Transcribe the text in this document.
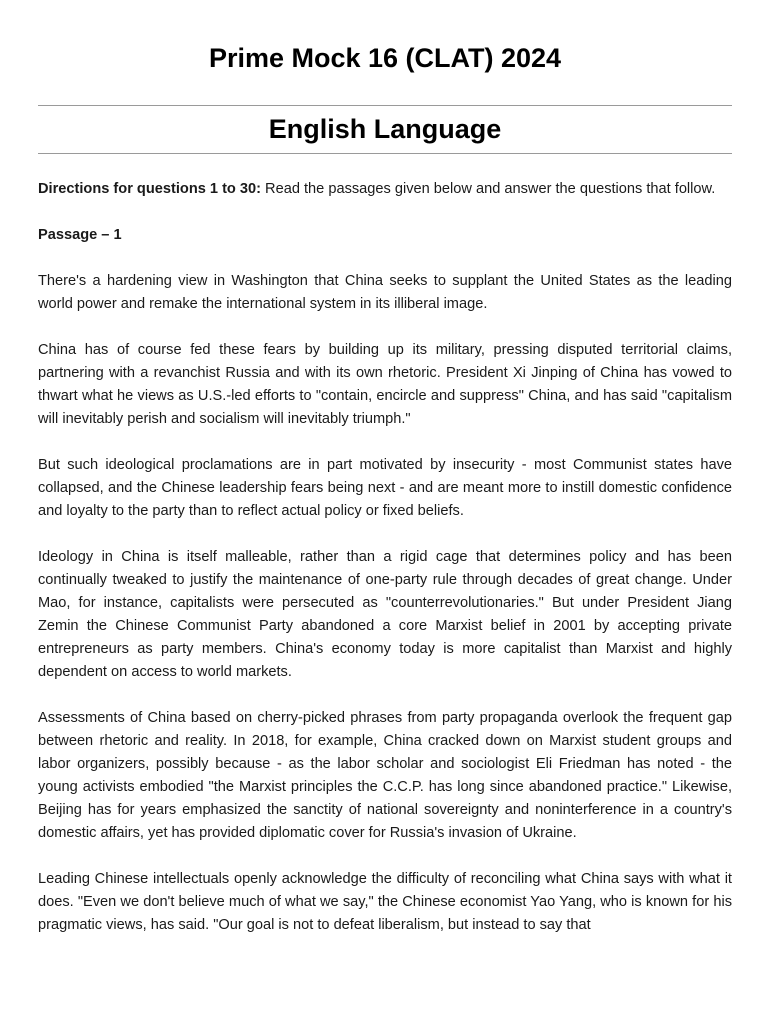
Prime Mock 16 (CLAT) 2024
English Language

Directions for questions 1 to 30: Read the passages given below and answer the questions that follow.

Passage – 1

There's a hardening view in Washington that China seeks to supplant the United States as the leading world power and remake the international system in its illiberal image.

China has of course fed these fears by building up its military, pressing disputed territorial claims, partnering with a revanchist Russia and with its own rhetoric. President Xi Jinping of China has vowed to thwart what he views as U.S.-led efforts to "contain, encircle and suppress" China, and has said "capitalism will inevitably perish and socialism will inevitably triumph."

But such ideological proclamations are in part motivated by insecurity - most Communist states have collapsed, and the Chinese leadership fears being next - and are meant more to instill domestic confidence and loyalty to the party than to reflect actual policy or fixed beliefs.

Ideology in China is itself malleable, rather than a rigid cage that determines policy and has been continually tweaked to justify the maintenance of one-party rule through decades of great change. Under Mao, for instance, capitalists were persecuted as "counterrevolutionaries." But under President Jiang Zemin the Chinese Communist Party abandoned a core Marxist belief in 2001 by accepting private entrepreneurs as party members. China's economy today is more capitalist than Marxist and highly dependent on access to world markets.

Assessments of China based on cherry-picked phrases from party propaganda overlook the frequent gap between rhetoric and reality. In 2018, for example, China cracked down on Marxist student groups and labor organizers, possibly because - as the labor scholar and sociologist Eli Friedman has noted - the young activists embodied "the Marxist principles the C.C.P. has long since abandoned practice." Likewise, Beijing has for years emphasized the sanctity of national sovereignty and noninterference in a country's domestic affairs, yet has provided diplomatic cover for Russia's invasion of Ukraine.

Leading Chinese intellectuals openly acknowledge the difficulty of reconciling what China says with what it does. "Even we don't believe much of what we say," the Chinese economist Yao Yang, who is known for his pragmatic views, has said. "Our goal is not to defeat liberalism, but instead to say that
